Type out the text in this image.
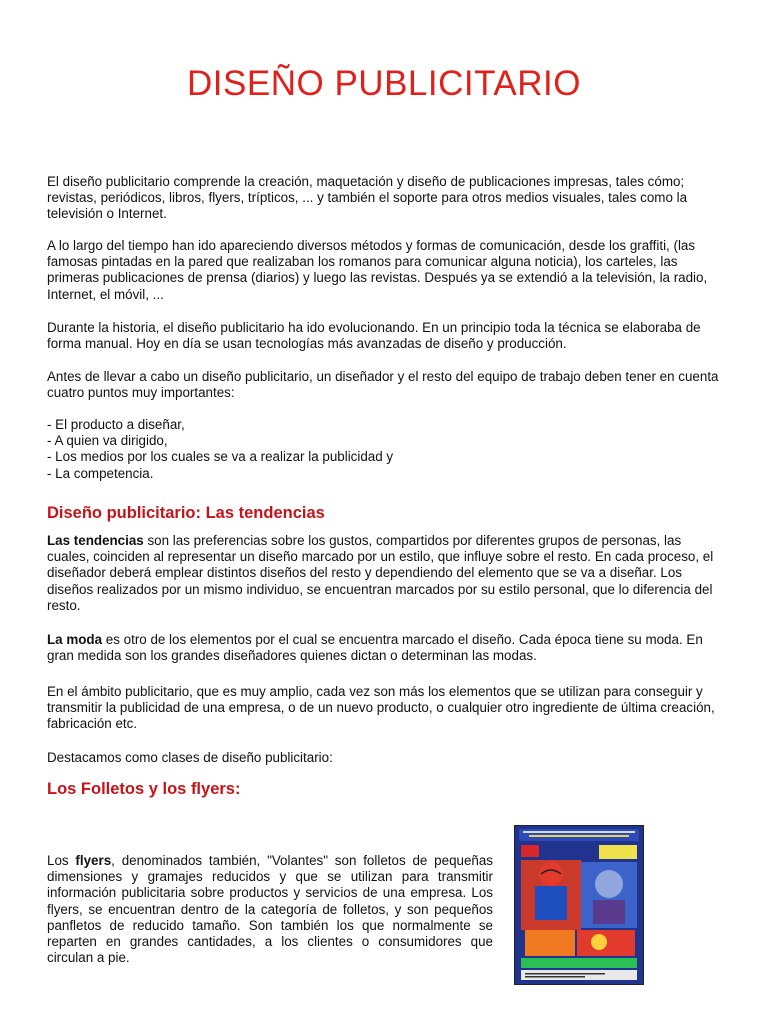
DISEÑO PUBLICITARIO

El diseño publicitario comprende la creación, maquetación y diseño de publicaciones impresas, tales cómo; revistas, periódicos, libros, flyers, trípticos, ... y también el soporte para otros medios visuales, tales como la televisión o Internet.

A lo largo del tiempo han ido apareciendo diversos métodos y formas de comunicación, desde los graffiti, (las famosas pintadas en la pared que realizaban los romanos para comunicar alguna noticia), los carteles, las primeras publicaciones de prensa (diarios) y luego las revistas. Después ya se extendió a la televisión, la radio, Internet, el móvil, ...

Durante la historia, el diseño publicitario ha ido evolucionando. En un principio toda la técnica se elaboraba de forma manual. Hoy en día se usan tecnologías más avanzadas de diseño y producción.

Antes de llevar a cabo un diseño publicitario, un diseñador y el resto del equipo de trabajo deben tener en cuenta cuatro puntos muy importantes:

- El producto a diseñar,
- A quien va dirigido,
- Los medios por los cuales se va a realizar la publicidad y
- La competencia.
Diseño publicitario: Las tendencias

Las tendencias son las preferencias sobre los gustos, compartidos por diferentes grupos de personas, las cuales, coinciden al representar un diseño marcado por un estilo, que influye sobre el resto. En cada proceso, el diseñador deberá emplear distintos diseños del resto y dependiendo del elemento que se va a diseñar. Los diseños realizados por un mismo individuo, se encuentran marcados por su estilo personal, que lo diferencia del resto.

La moda es otro de los elementos por el cual se encuentra marcado el diseño. Cada época tiene su moda. En gran medida son los grandes diseñadores quienes dictan o determinan las modas.

En el ámbito publicitario, que es muy amplio, cada vez son más los elementos que se utilizan para conseguir y transmitir la publicidad de una empresa, o de un nuevo producto, o cualquier otro ingrediente de última creación, fabricación etc.

Destacamos como clases de diseño publicitario:

Los Folletos y los flyers:

Los flyers, denominados también, "Volantes" son folletos de pequeñas dimensiones y gramajes reducidos y que se utilizan para transmitir información publicitaria sobre productos y servicios de una empresa. Los flyers, se encuentran dentro de la categoría de folletos, y son pequeños panfletos de reducido tamaño. Son también los que normalmente se reparten en grandes cantidades, a los clientes o consumidores que circulan a pie.
